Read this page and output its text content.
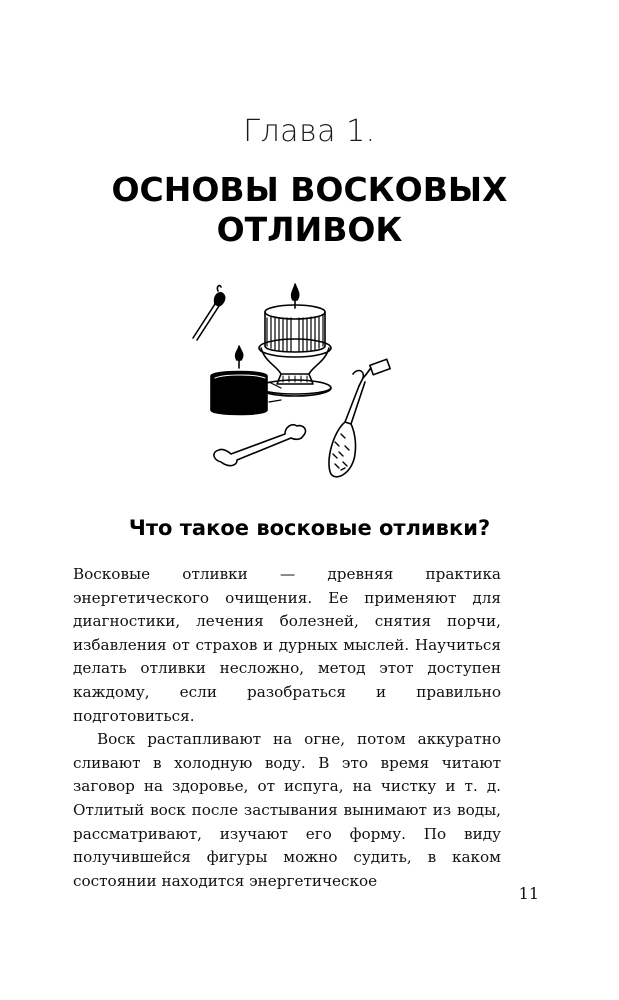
Глава 1.
ОСНОВЫ ВОСКОВЫХ
ОТЛИВОК
Что такое восковые отливки?

Восковые отливки — древняя практика энергетического очищения. Ее применяют для диагностики, лечения болезней, снятия порчи, избавления от страхов и дурных мыслей. Научиться делать отливки несложно, метод этот доступен каждому, если разобраться и правильно подготовиться.

Воск растапливают на огне, потом аккуратно сливают в холодную воду. В это время читают заговор на здоровье, от испуга, на чистку и т. д. Отлитый воск после застывания вынимают из воды, рассматривают, изучают его форму. По виду получившейся фигуры можно судить, в каком состоянии находится энергетическое

11
